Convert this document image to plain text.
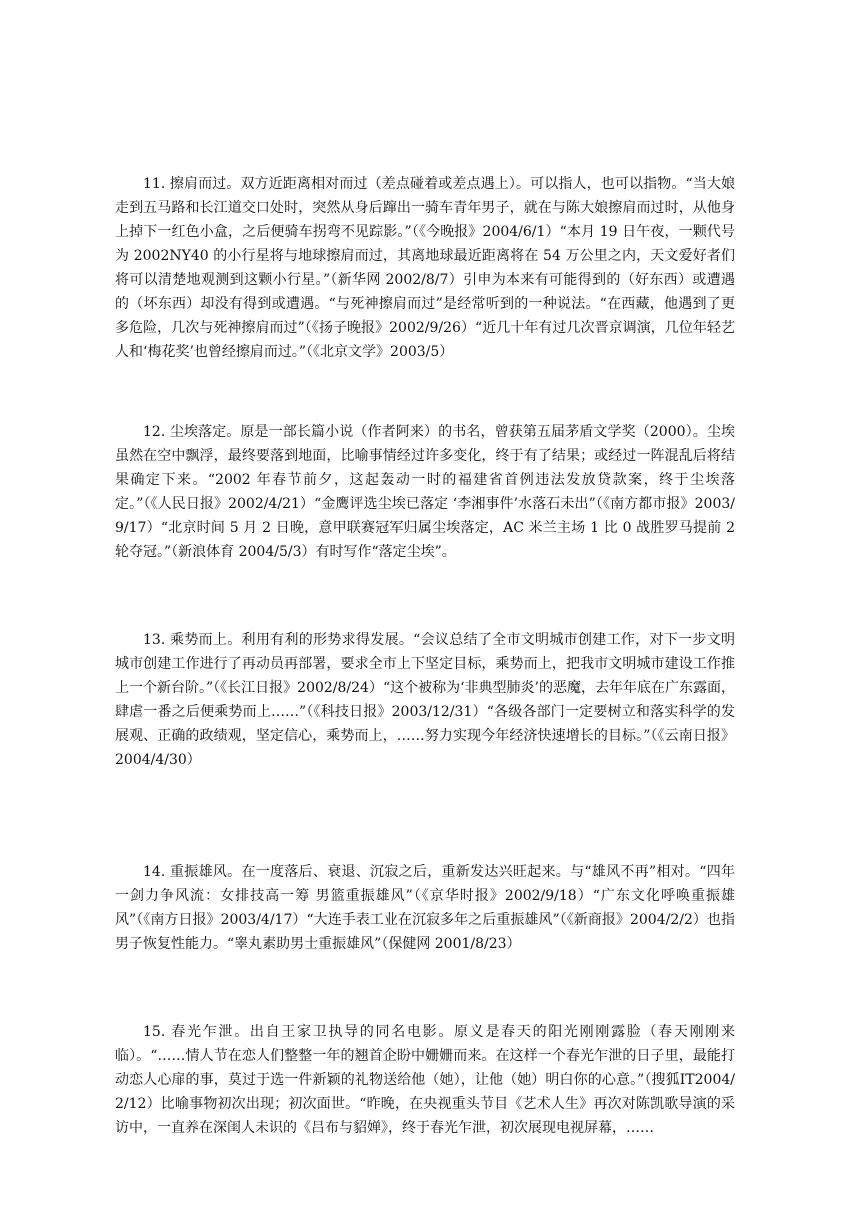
11. 擦肩而过。双方近距离相对而过（差点碰着或差点遇上）。可以指人，也可以指物。“当大娘走到五马路和长江道交口处时，突然从身后蹿出一骑车青年男子，就在与陈大娘擦肩而过时，从他身上掉下一红色小盒，之后便骑车拐弯不见踪影。”（《今晚报》2004/6/1）“本月 19 日午夜，一颗代号为 2002NY40 的小行星将与地球擦肩而过，其离地球最近距离将在 54 万公里之内，天文爱好者们将可以清楚地观测到这颗小行星。”（新华网 2002/8/7）引申为本来有可能得到的（好东西）或遭遇的（坏东西）却没有得到或遭遇。“与死神擦肩而过”是经常听到的一种说法。“在西藏，他遇到了更多危险，几次与死神擦肩而过”（《扬子晚报》2002/9/26）“近几十年有过几次晋京调演，几位年轻艺人和‘梅花奖’也曾经擦肩而过。”（《北京文学》2003/5）

12. 尘埃落定。原是一部长篇小说（作者阿来）的书名，曾获第五届茅盾文学奖（2000）。尘埃虽然在空中飘浮，最终要落到地面，比喻事情经过许多变化，终于有了结果；或经过一阵混乱后将结果确定下来。“2002 年春节前夕，这起轰动一时的福建省首例违法发放贷款案，终于尘埃落定。”（《人民日报》2002/4/21）“金鹰评选尘埃已落定 ‘李湘事件’水落石未出”（《南方都市报》2003/9/17）“北京时间 5 月 2 日晚，意甲联赛冠军归属尘埃落定，AC 米兰主场 1 比 0 战胜罗马提前 2 轮夺冠。”（新浪体育 2004/5/3）有时写作“落定尘埃”。

13. 乘势而上。利用有利的形势求得发展。“会议总结了全市文明城市创建工作，对下一步文明城市创建工作进行了再动员再部署，要求全市上下坚定目标，乘势而上，把我市文明城市建设工作推上一个新台阶。”（《长江日报》2002/8/24）“这个被称为‘非典型肺炎’的恶魔，去年年底在广东露面，肆虐一番之后便乘势而上……”（《科技日报》2003/12/31）“各级各部门一定要树立和落实科学的发展观、正确的政绩观，坚定信心，乘势而上，……努力实现今年经济快速增长的目标。”（《云南日报》2004/4/30）

14. 重振雄风。在一度落后、衰退、沉寂之后，重新发达兴旺起来。与“雄风不再”相对。“四年一剑力争风流：女排技高一筹 男篮重振雄风”（《京华时报》2002/9/18）“广东文化呼唤重振雄风”（《南方日报》2003/4/17）“大连手表工业在沉寂多年之后重振雄风”（《新商报》2004/2/2）也指男子恢复性能力。“睾丸素助男士重振雄风”（保健网 2001/8/23）

15. 春光乍泄。出自王家卫执导的同名电影。原义是春天的阳光刚刚露脸（春天刚刚来临）。“……情人节在恋人们整整一年的翘首企盼中姗姗而来。在这样一个春光乍泄的日子里，最能打动恋人心扉的事，莫过于选一件新颖的礼物送给他（她），让他（她）明白你的心意。”（搜狐IT2004/2/12）比喻事物初次出现；初次面世。“昨晚，在央视重头节目《艺术人生》再次对陈凯歌导演的采访中，一直养在深闺人未识的《吕布与貂婵》，终于春光乍泄，初次展现电视屏幕，……
